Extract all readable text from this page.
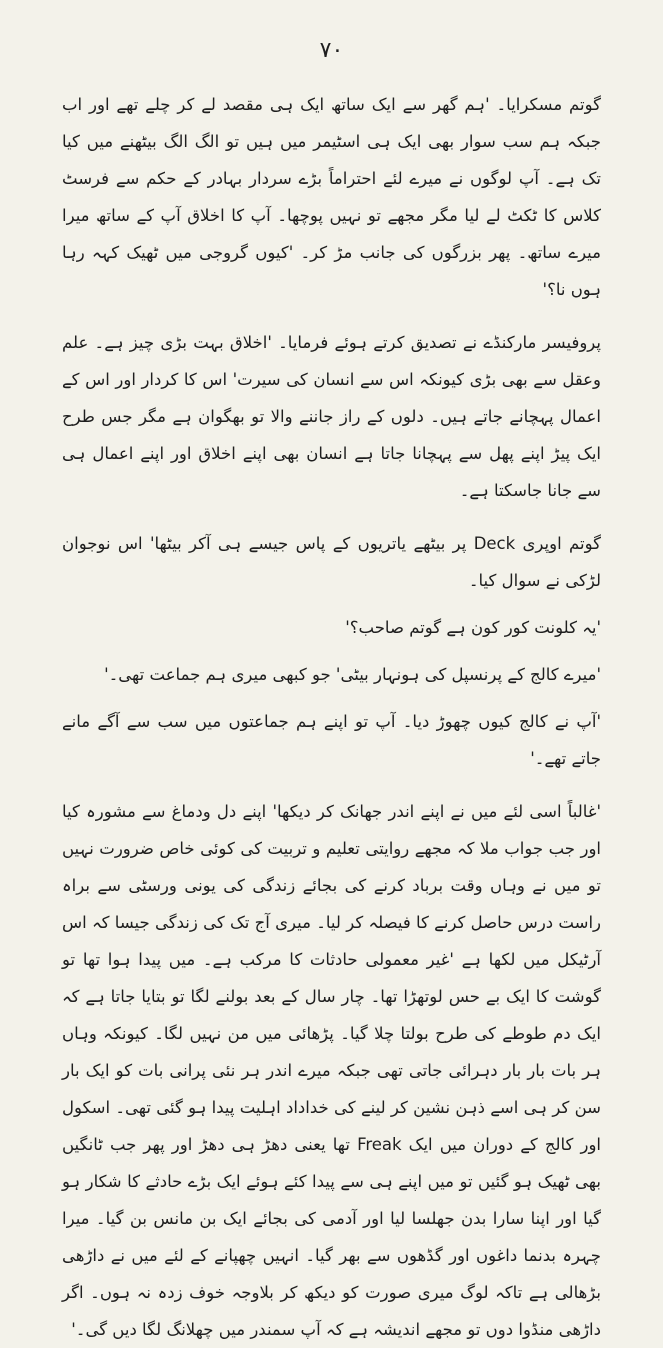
۷۰

گوتم مسکرایا۔ 'ہم گھر سے ایک ساتھ ایک ہی مقصد لے کر چلے تھے اور اب جبکہ ہم سب سوار بھی ایک ہی اسٹیمر میں ہیں تو الگ الگ بیٹھنے میں کیا تک ہے۔ آپ لوگوں نے میرے لئے احتراماً بڑے سردار بہادر کے حکم سے فرسٹ کلاس کا ٹکٹ لے لیا مگر مجھے تو نہیں پوچھا۔ آپ کا اخلاق آپ کے ساتھ میرا میرے ساتھ۔ پھر بزرگوں کی جانب مڑ کر۔ 'کیوں گروجی میں ٹھیک کہہ رہا ہوں نا؟'

پروفیسر مارکنڈے نے تصدیق کرتے ہوئے فرمایا۔ 'اخلاق بہت بڑی چیز ہے۔ علم وعقل سے بھی بڑی کیونکہ اس سے انسان کی سیرت' اس کا کردار اور اس کے اعمال پہچانے جاتے ہیں۔ دلوں کے راز جاننے والا تو بھگوان ہے مگر جس طرح ایک پیڑ اپنے پھل سے پہچانا جاتا ہے انسان بھی اپنے اخلاق اور اپنے اعمال ہی سے جانا جاسکتا ہے۔

گوتم اوپری Deck پر بیٹھے یاتریوں کے پاس جیسے ہی آکر بیٹھا' اس نوجوان لڑکی نے سوال کیا۔

'یہ کلونت کور کون ہے گوتم صاحب؟'

'میرے کالج کے پرنسپل کی ہونہار بیٹی' جو کبھی میری ہم جماعت تھی۔'

'آپ نے کالج کیوں چھوڑ دیا۔ آپ تو اپنے ہم جماعتوں میں سب سے آگے مانے جاتے تھے۔'

'غالباً اسی لئے میں نے اپنے اندر جھانک کر دیکھا' اپنے دل ودماغ سے مشورہ کیا اور جب جواب ملا کہ مجھے روایتی تعلیم و تربیت کی کوئی خاص ضرورت نہیں تو میں نے وہاں وقت برباد کرنے کی بجائے زندگی کی یونی ورسٹی سے براہ راست درس حاصل کرنے کا فیصلہ کر لیا۔ میری آج تک کی زندگی جیسا کہ اس آرٹیکل میں لکھا ہے 'غیر معمولی حادثات کا مرکب ہے۔ میں پیدا ہوا تھا تو گوشت کا ایک بے حس لوتھڑا تھا۔ چار سال کے بعد بولنے لگا تو بتایا جاتا ہے کہ ایک دم طوطے کی طرح بولتا چلا گیا۔ پڑھائی میں من نہیں لگا۔ کیونکہ وہاں ہر بات بار بار دہرائی جاتی تھی جبکہ میرے اندر ہر نئی پرانی بات کو ایک بار سن کر ہی اسے ذہن نشین کر لینے کی خداداد اہلیت پیدا ہو گئی تھی۔ اسکول اور کالج کے دوران میں ایک Freak تھا یعنی دھڑ ہی دھڑ اور پھر جب ٹانگیں بھی ٹھیک ہو گئیں تو میں اپنے ہی سے پیدا کئے ہوئے ایک بڑے حادثے کا شکار ہو گیا اور اپنا سارا بدن جھلسا لیا اور آدمی کی بجائے ایک بن مانس بن گیا۔ میرا چہرہ بدنما داغوں اور گڈھوں سے بھر گیا۔ انہیں چھپانے کے لئے میں نے داڑھی بڑھالی ہے تاکہ لوگ میری صورت کو دیکھ کر بلاوجہ خوف زدہ نہ ہوں۔ اگر داڑھی منڈوا دوں تو مجھے اندیشہ ہے کہ آپ سمندر میں چھلانگ لگا دیں گی۔'
